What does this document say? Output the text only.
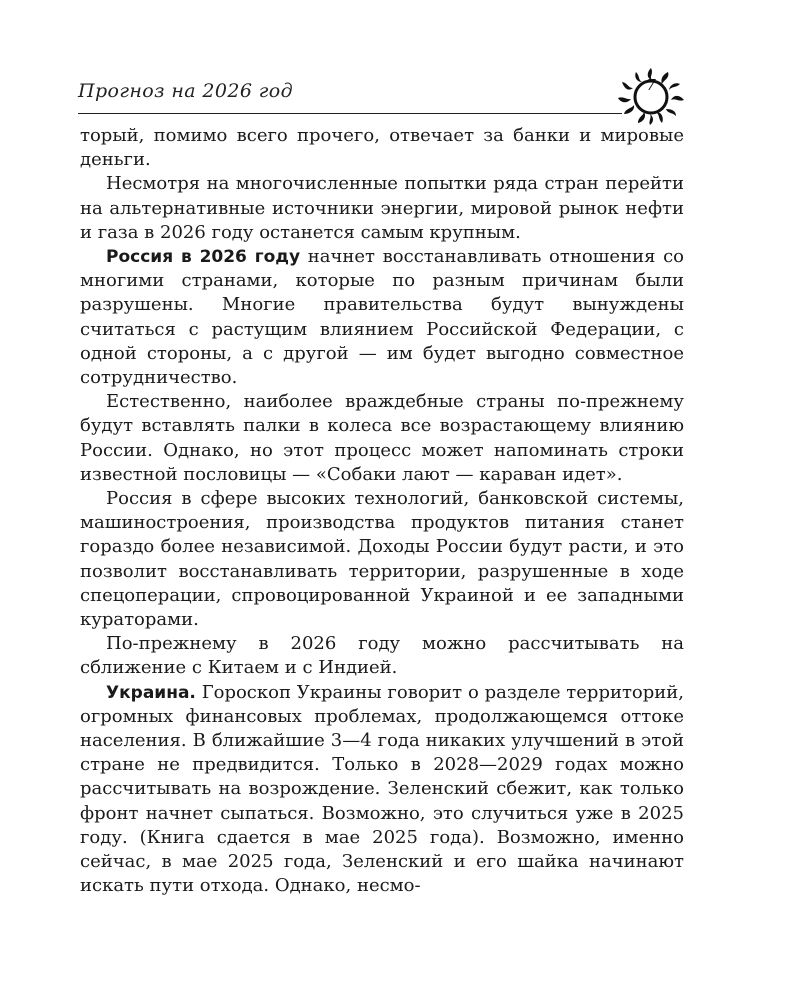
Прогноз на 2026 год	7

торый, помимо всего прочего, отвечает за банки и мировые деньги.

Несмотря на многочисленные попытки ряда стран перейти на альтернативные источники энергии, мировой рынок нефти и газа в 2026 году останется самым крупным.

Россия в 2026 году начнет восстанавливать отношения со многими странами, которые по разным причинам были разрушены. Многие правительства будут вынуждены считаться с растущим влиянием Российской Федерации, с одной стороны, а с другой — им будет выгодно совместное сотрудничество.

Естественно, наиболее враждебные страны по-прежнему будут вставлять палки в колеса все возрастающему влиянию России. Однако, но этот процесс может напоминать строки известной пословицы — «Собаки лают — караван идет».

Россия в сфере высоких технологий, банковской системы, машиностроения, производства продуктов питания станет гораздо более независимой. Доходы России будут расти, и это позволит восстанавливать территории, разрушенные в ходе спецоперации, спровоцированной Украиной и ее западными кураторами.

По-прежнему в 2026 году можно рассчитывать на сближение с Китаем и с Индией.

Украина. Гороскоп Украины говорит о разделе территорий, огромных финансовых проблемах, продолжающемся оттоке населения. В ближайшие 3—4 года никаких улучшений в этой стране не предвидится. Только в 2028—2029 годах можно рассчитывать на возрождение. Зеленский сбежит, как только фронт начнет сыпаться. Возможно, это случиться уже в 2025 году. (Книга сдается в мае 2025 года). Возможно, именно сейчас, в мае 2025 года, Зеленский и его шайка начинают искать пути отхода. Однако, несмо-
